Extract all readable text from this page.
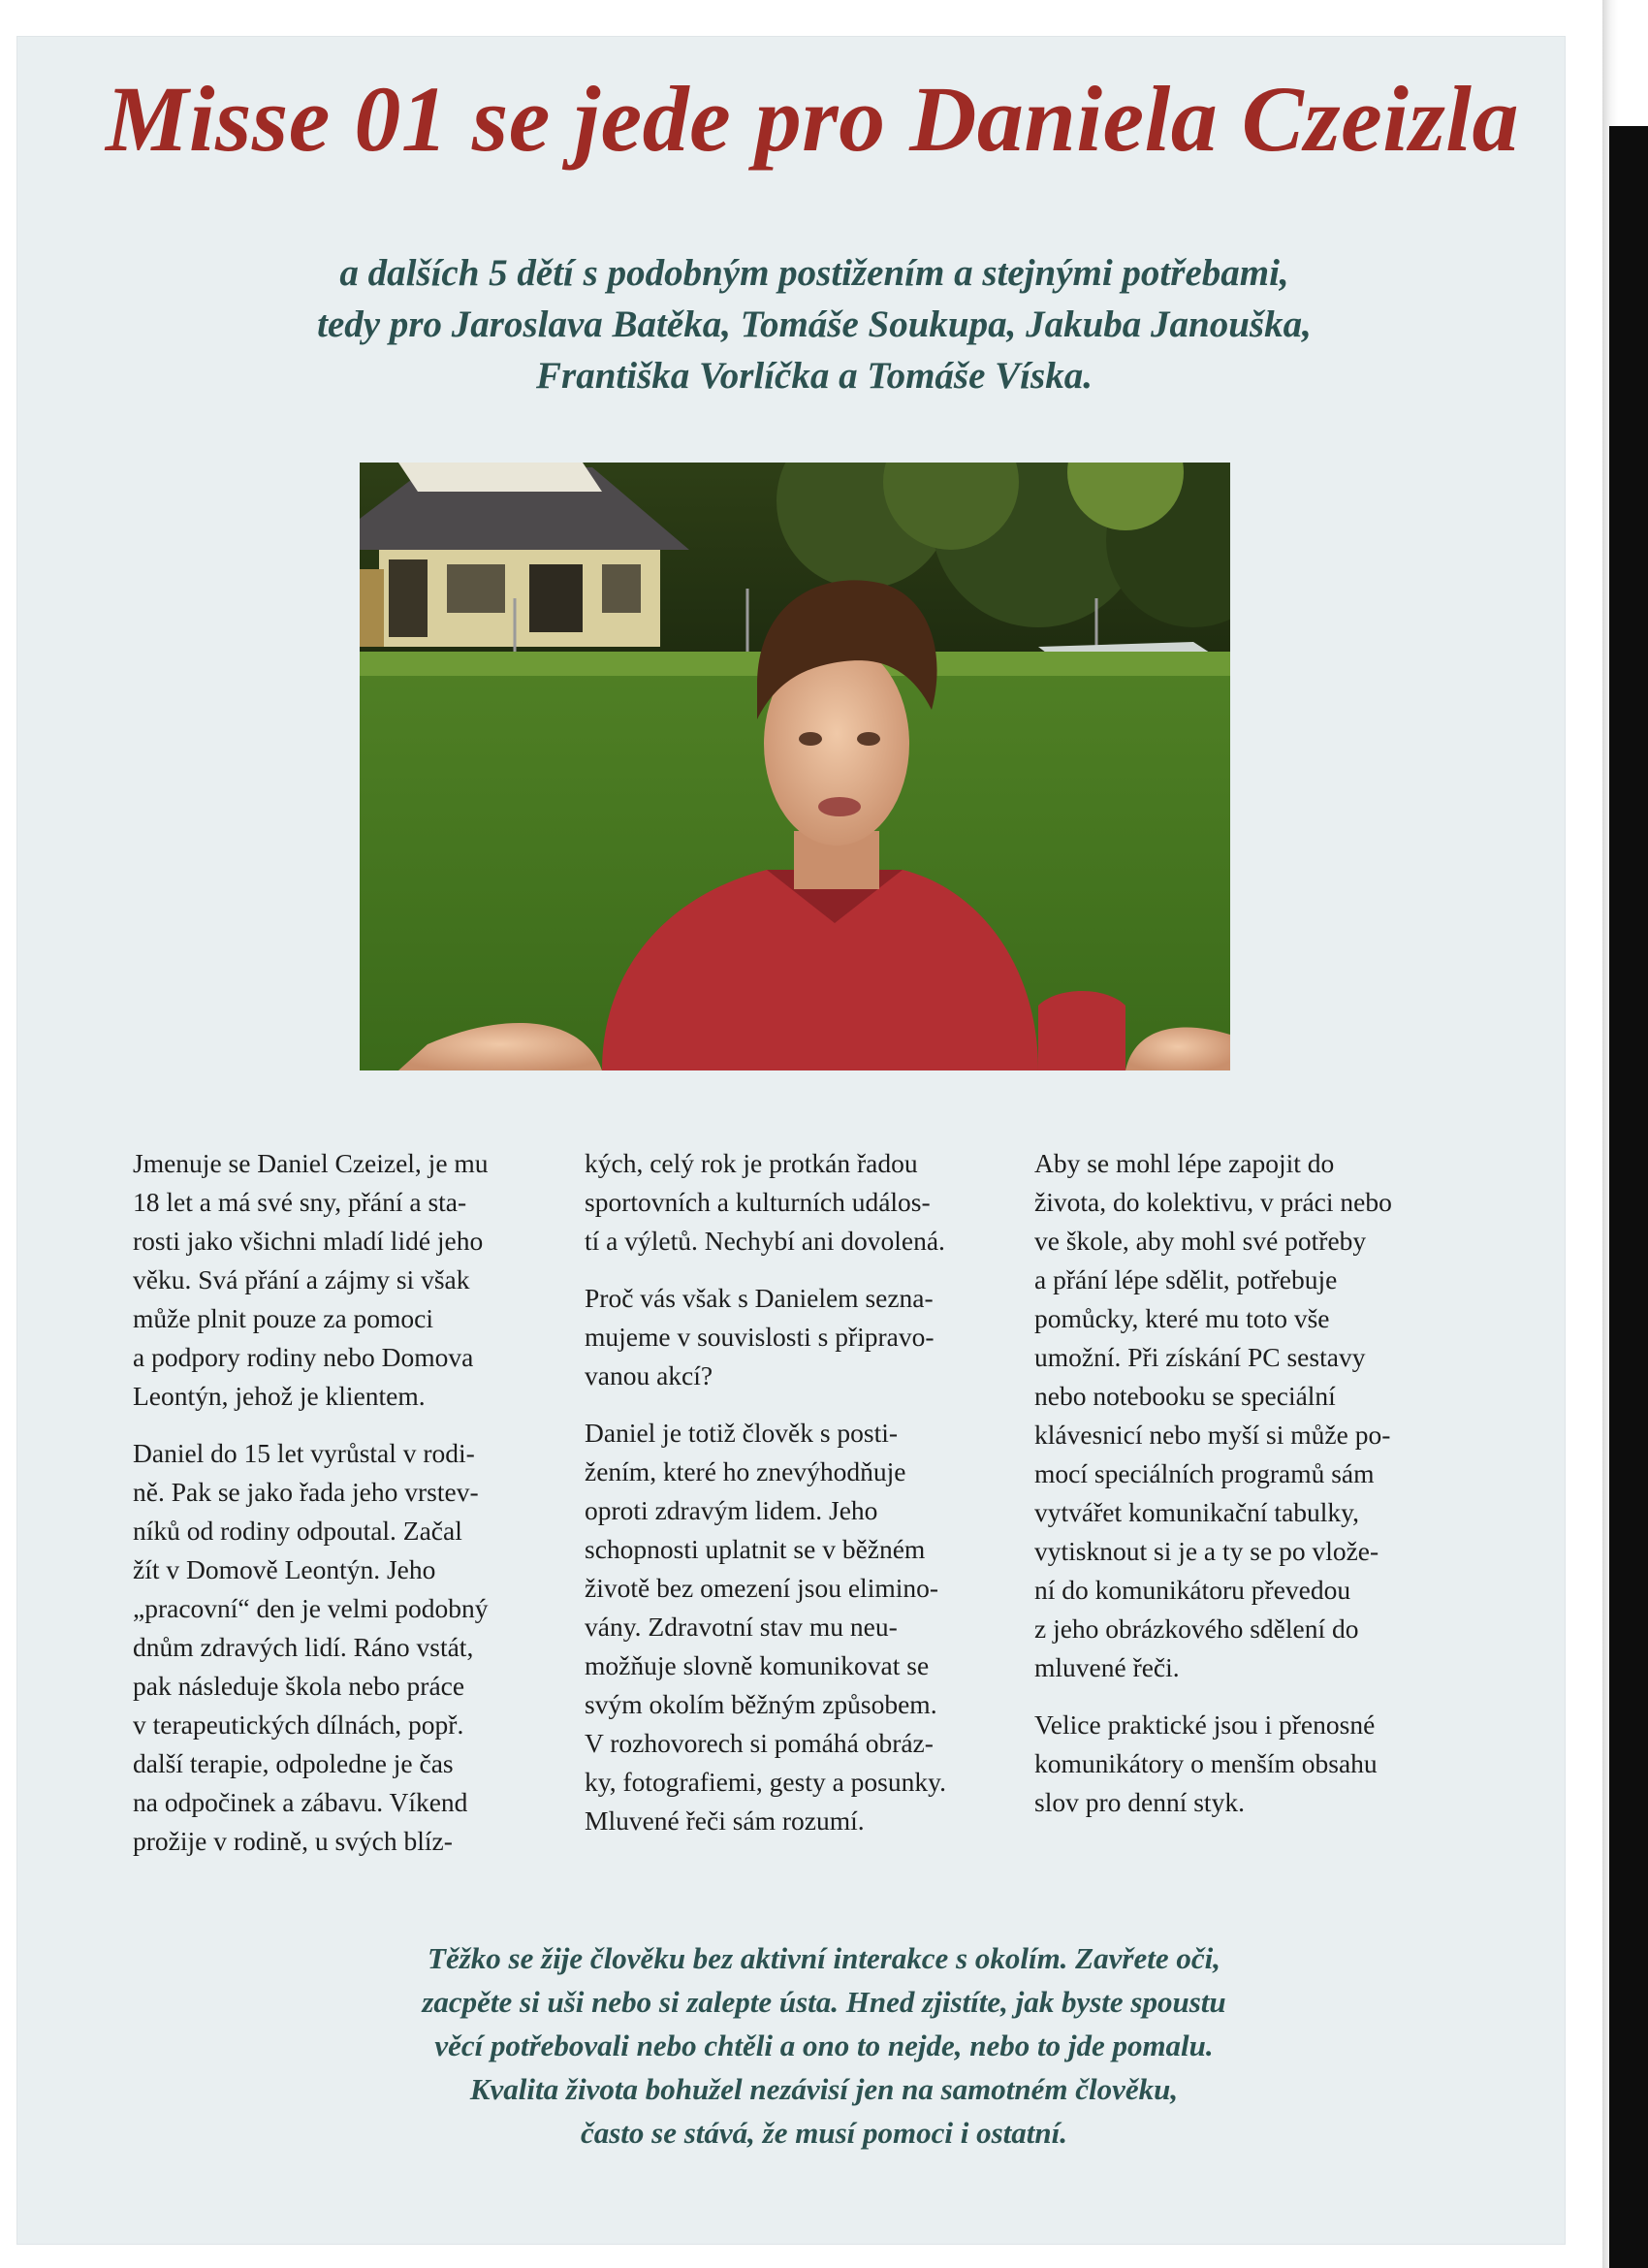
Misse 01 se jede pro Daniela Czeizla
a dalších 5 dětí s podobným postižením a stejnými potřebami,
tedy pro Jaroslava Batěka, Tomáše Soukupa, Jakuba Janouška,
Františka Vorlíčka a Tomáše Víska.

Jmenuje se Daniel Czeizel, je mu
18 let a má své sny, přání a sta-
rosti jako všichni mladí lidé jeho
věku. Svá přání a zájmy si však
může plnit pouze za pomoci
a podpory rodiny nebo Domova
Leontýn, jehož je klientem.

Daniel do 15 let vyrůstal v rodi-
ně. Pak se jako řada jeho vrstev-
níků od rodiny odpoutal. Začal
žít v Domově Leontýn. Jeho
„pracovní“ den je velmi podobný
dnům zdravých lidí. Ráno vstát,
pak následuje škola nebo práce
v terapeutických dílnách, popř.
další terapie, odpoledne je čas
na odpočinek a zábavu. Víkend
prožije v rodině, u svých blíz-

kých, celý rok je protkán řadou
sportovních a kulturních událos-
tí a výletů. Nechybí ani dovolená.

Proč vás však s Danielem sezna-
mujeme v souvislosti s připravo-
vanou akcí?

Daniel je totiž člověk s posti-
žením, které ho znevýhodňuje
oproti zdravým lidem. Jeho
schopnosti uplatnit se v běžném
životě bez omezení jsou elimino-
vány. Zdravotní stav mu neu-
možňuje slovně komunikovat se
svým okolím běžným způsobem.
V rozhovorech si pomáhá obráz-
ky, fotografiemi, gesty a posunky.
Mluvené řeči sám rozumí.

Aby se mohl lépe zapojit do
života, do kolektivu, v práci nebo
ve škole, aby mohl své potřeby
a přání lépe sdělit, potřebuje
pomůcky, které mu toto vše
umožní. Při získání PC sestavy
nebo notebooku se speciální
klávesnicí nebo myší si může po-
mocí speciálních programů sám
vytvářet komunikační tabulky,
vytisknout si je a ty se po vlože-
ní do komunikátoru převedou
z jeho obrázkového sdělení do
mluvené řeči.

Velice praktické jsou i přenosné
komunikátory o menším obsahu
slov pro denní styk.

Těžko se žije člověku bez aktivní interakce s okolím. Zavřete oči,
zacpěte si uši nebo si zalepte ústa. Hned zjistíte, jak byste spoustu
věcí potřebovali nebo chtěli a ono to nejde, nebo to jde pomalu.
Kvalita života bohužel nezávisí jen na samotném člověku,
často se stává, že musí pomoci i ostatní.
